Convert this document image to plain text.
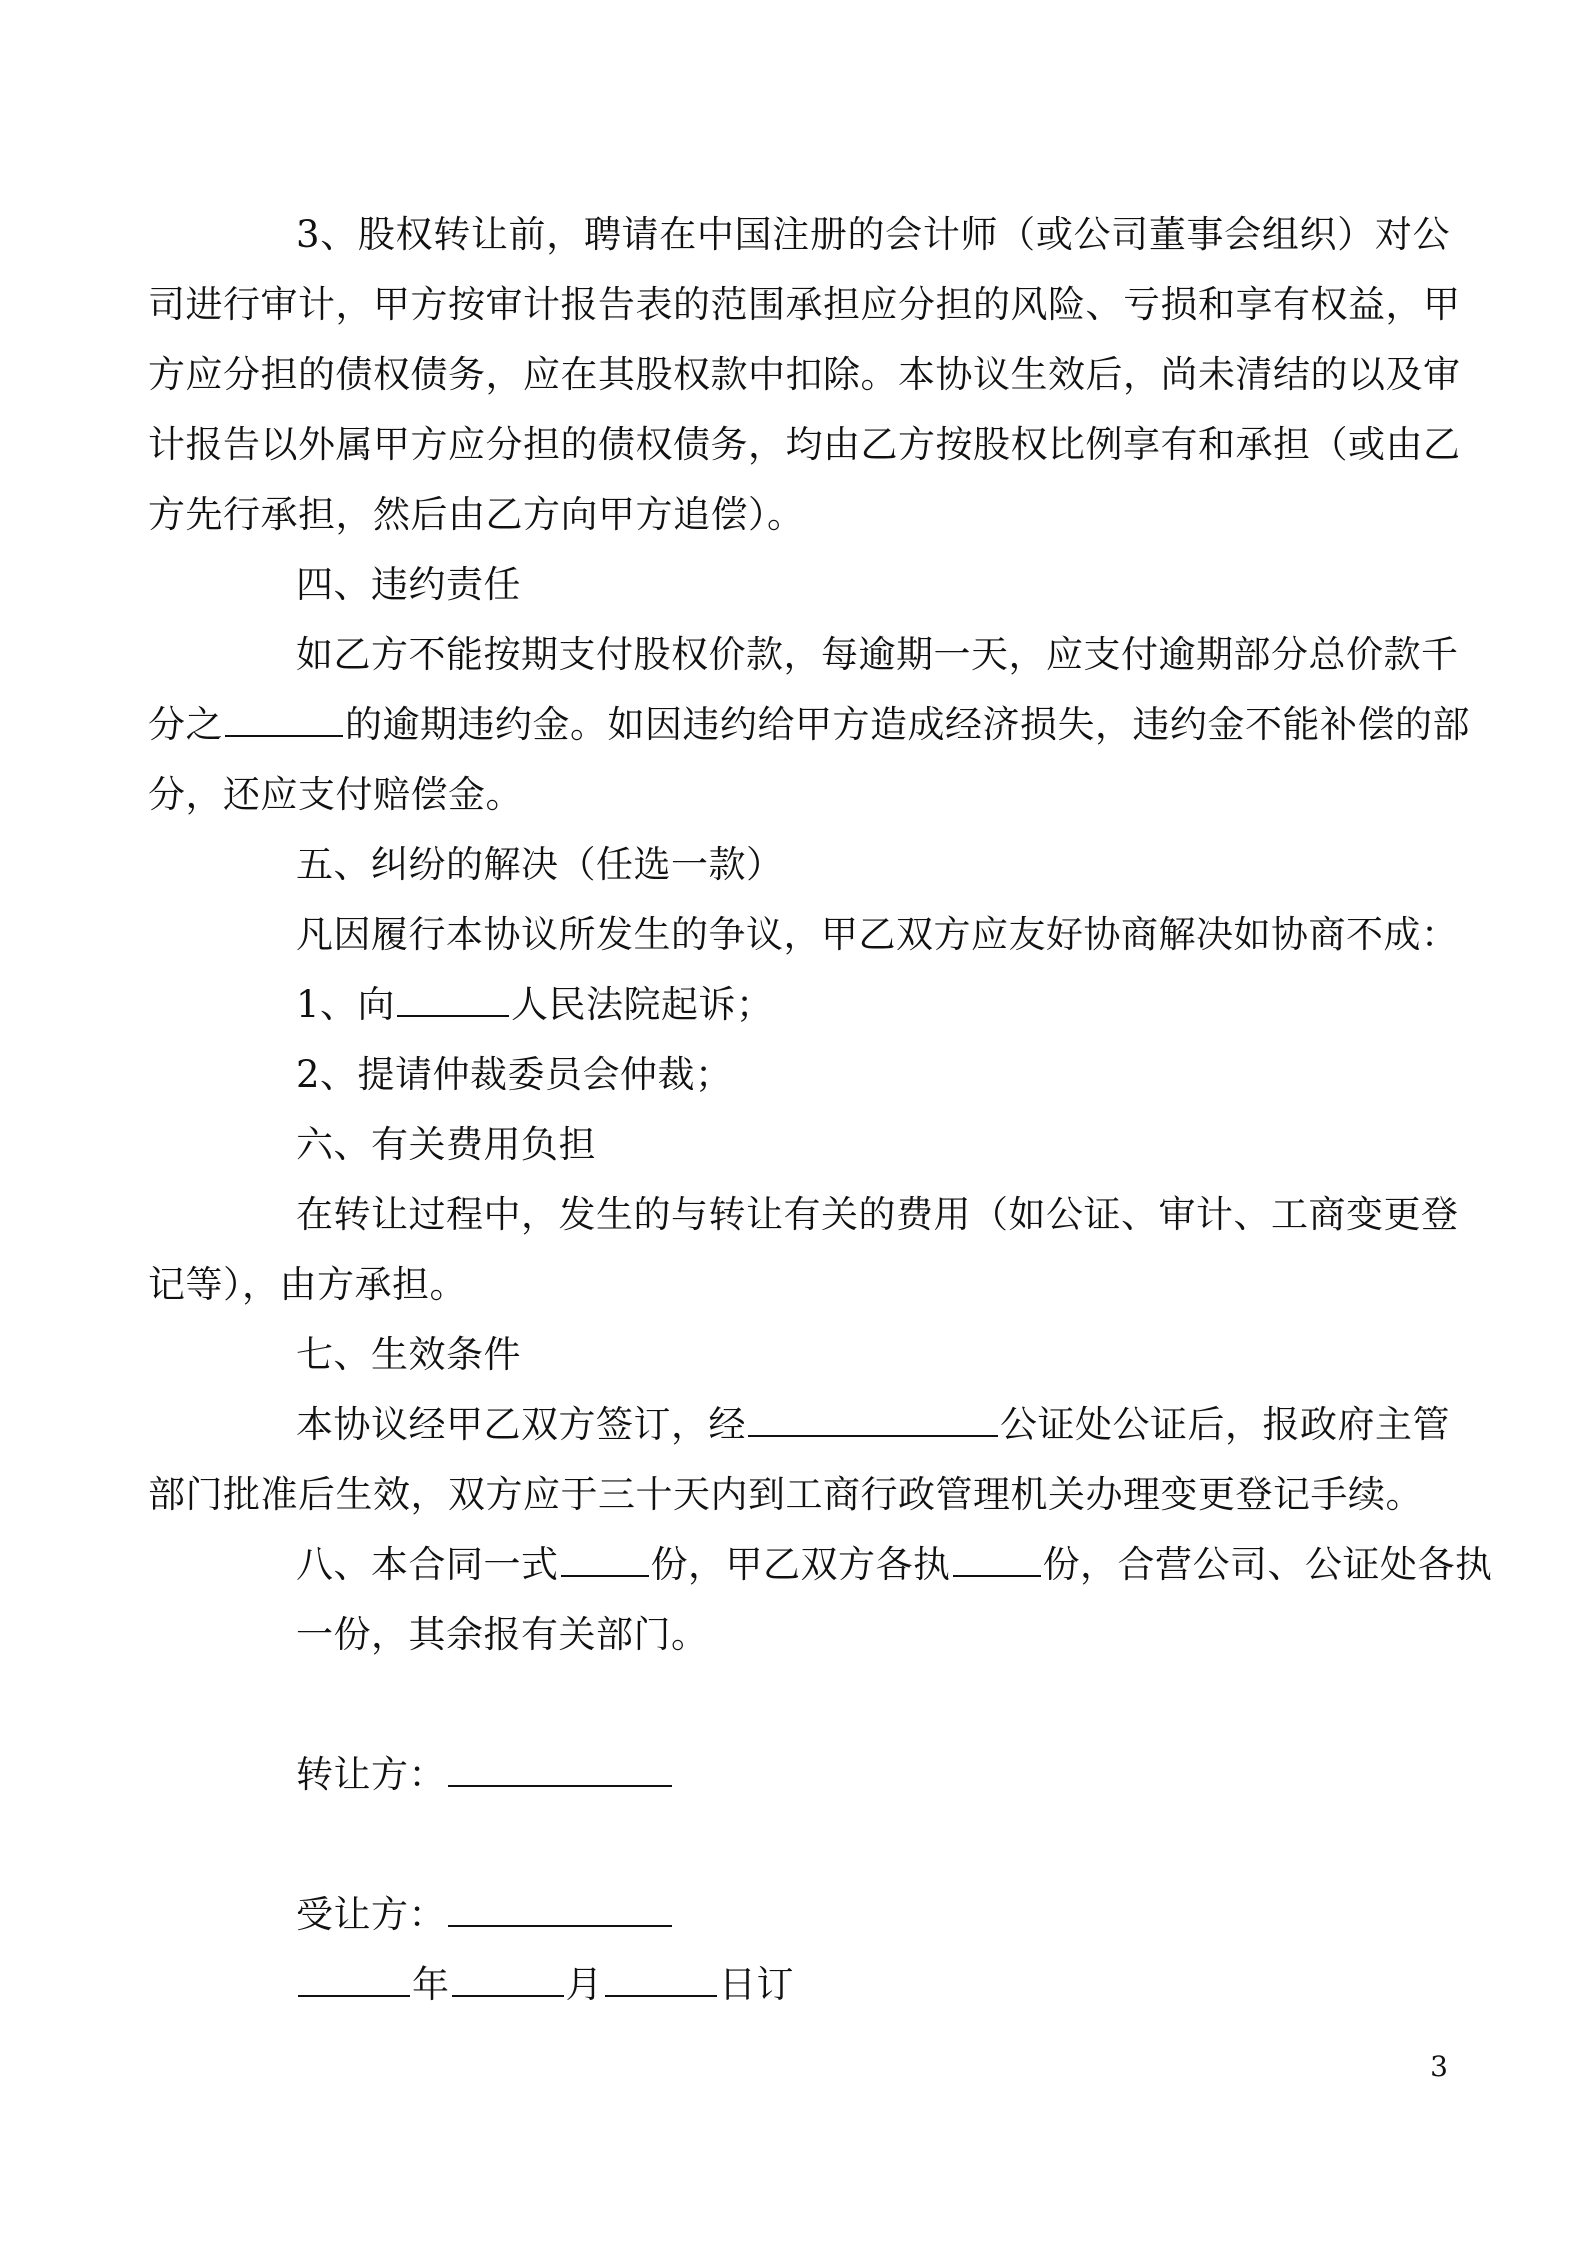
3、股权转让前，聘请在中国注册的会计师（或公司董事会组织）对公
司进行审计，甲方按审计报告表的范围承担应分担的风险、亏损和享有权益，甲
方应分担的债权债务，应在其股权款中扣除。本协议生效后，尚未清结的以及审
计报告以外属甲方应分担的债权债务，均由乙方按股权比例享有和承担（或由乙
方先行承担，然后由乙方向甲方追偿）。
四、违约责任
如乙方不能按期支付股权价款，每逾期一天，应支付逾期部分总价款千
分之	的逾期违约金。如因违约给甲方造成经济损失，违约金不能补偿的部
分，还应支付赔偿金。
五、纠纷的解决（任选一款）
凡因履行本协议所发生的争议，甲乙双方应友好协商解决如协商不成：
1、向	人民法院起诉；
2、提请仲裁委员会仲裁；
六、有关费用负担
在转让过程中，发生的与转让有关的费用（如公证、审计、工商变更登
记等），由方承担。
七、生效条件
本协议经甲乙双方签订，经	公证处公证后，报政府主管
部门批准后生效，双方应于三十天内到工商行政管理机关办理变更登记手续。
八、本合同一式 份，甲乙双方各执 份，合营公司、公证处各执
一份，其余报有关部门。
转让方：
受让方：
年	月	日订
3
